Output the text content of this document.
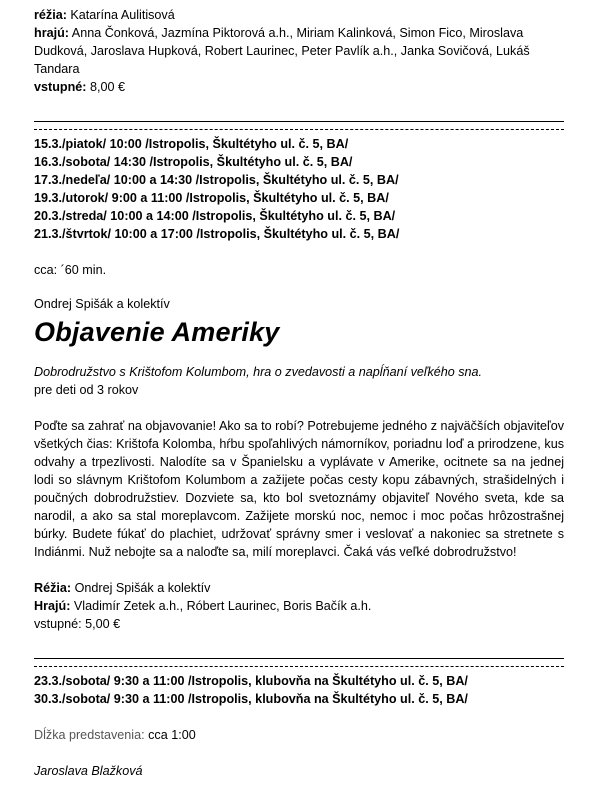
réžia: Katarína Aulitisová

hrajú: Anna Čonková, Jazmína Piktorová a.h., Miriam Kalinková, Simon Fico, Miroslava Dudková, Jaroslava Hupková, Robert Laurinec, Peter Pavlík a.h., Janka Sovičová, Lukáš Tandara

vstupné: 8,00 €

15.3./piatok/ 10:00 /Istropolis, Škultétyho ul. č. 5, BA/

16.3./sobota/ 14:30 /Istropolis, Škultétyho ul. č. 5, BA/

17.3./nedeľa/ 10:00 a 14:30 /Istropolis, Škultétyho ul. č. 5, BA/

19.3./utorok/ 9:00 a 11:00 /Istropolis, Škultétyho ul. č. 5, BA/

20.3./streda/ 10:00 a 14:00 /Istropolis, Škultétyho ul. č. 5, BA/

21.3./štvrtok/ 10:00 a 17:00 /Istropolis, Škultétyho ul. č. 5, BA/

cca: ´60 min.

Ondrej Spišák a kolektív

Objavenie Ameriky

Dobrodružstvo s Krištofom Kolumbom, hra o zvedavosti a napĺňaní veľkého sna.

pre deti od 3 rokov

Poďte sa zahrať na objavovanie! Ako sa to robí? Potrebujeme jedného z najväčších objaviteľov všetkých čias: Krištofa Kolomba, hŕbu spoľahlivých námorníkov, poriadnu loď a prirodzene, kus odvahy a trpezlivosti. Nalodíte sa v Španielsku a vyplávate v Amerike, ocitnete sa na jednej lodi so slávnym Krištofom Kolumbom a zažijete počas cesty kopu zábavných, strašidelných i poučných dobrodružstiev. Dozviete sa, kto bol svetoznámy objaviteľ Nového sveta, kde sa narodil, a ako sa stal moreplavcom. Zažijete morskú noc, nemoc i moc počas hrôzostrašnej búrky. Budete fúkať do plachiet, udržovať správny smer i veslovať a nakoniec sa stretnete s Indiánmi. Nuž nebojte sa a naloďte sa, milí moreplavci. Čaká vás veľké dobrodružstvo!

Réžia: Ondrej Spišák a kolektív

Hrajú: Vladimír Zetek a.h., Róbert Laurinec, Boris Bačík a.h.

vstupné: 5,00 €

23.3./sobota/ 9:30 a 11:00 /Istropolis, klubovňa na Škultétyho ul. č. 5, BA/

30.3./sobota/ 9:30 a 11:00 /Istropolis, klubovňa na Škultétyho ul. č. 5, BA/

Dĺžka predstavenia: cca 1:00

Jaroslava Blažková
